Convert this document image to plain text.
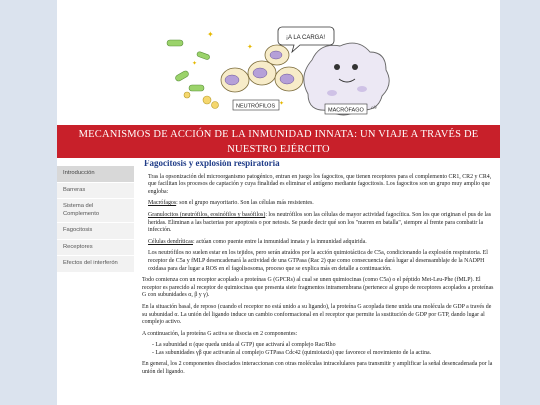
✦
✦
✦
✦
¡A LA CARGA!
NEUTRÓFILOS
MACRÓFAGO cle
MECANISMOS DE ACCIÓN DE LA INMUNIDAD INNATA: UN VIAJE A TRAVÉS DE NUESTRO EJÉRCITO
Introducción
Barreras
Sistema del Complemento
Fagocitosis
Receptores
Efectos del interferón
Fagocitosis y explosión respiratoria

Tras la opsonización del microorganismo patogénico, entran en juego los fagocitos, que tienen receptores para el complemento CR1, CR2 y CR4, que facilitan los procesos de captación y cuya finalidad es eliminar el antígeno mediante fagocitosis. Los fagocitos son un grupo muy amplio que engloba:

Macrófagos: son el grupo mayoritario. Son las células más resistentes.

Granulocitos (neutrófilos, eosinófilos y basófilos): los neutrófilos son las células de mayor actividad fagocítica. Son los que originan el pus de las heridas. Eliminan a las bacterias por apoptosis o por netosis. Se puede decir qué son los "nueren en batalla", siempre al frente para combatir la infección.

Células dendríticas: actúan como puente entre la inmunidad innata y la inmunidad adquirida.

Los neutrófilos no suelen estar en los tejidos, pero serán atraídos por la acción quimiotáctica de C5a, condicionando la explosión respiratoria. El receptor de C5a y fMLP desencadenará la actividad de una GTPasa (Rac 2) que como consecuencia dará lugar al desensamblaje de la NADPH oxidasa para dar lugar a ROS en el fagolisosoma, proceso que se explica más en detalle a continuación.

Todo comienza con un receptor acoplado a proteínas G (GPCRs) al cual se unen quimiocinas (como C5a) o el péptido Met-Leu-Phe (fMLP). El receptor es parecido al receptor de quimiocinas que presenta siete fragmentos intramembrana (pertenece al grupo de receptores acoplados a proteínas G con subunidades α, β y γ).

En la situación basal, de reposo (cuando el receptor no está unido a su ligando), la proteína G acoplada tiene unida una molécula de GDP a través de su subunidad α. La unión del ligando induce un cambio conformacional en el receptor que permite la sustitución de GDP por GTP, dando lugar al complejo activo.

A continuación, la proteína G activa se disocia en 2 componentes:

- La subunidad α (que queda unida al GTP) que activará al complejo Rac/Rho
- Las subunidades γβ que activarán al complejo GTPasa Cdc42 (quimiotaxis) que favorece el movimiento de la actina.

En general, los 2 componentes disociados interaccionan con otras moléculas intracelulares para transmitir y amplificar la señal desencadenada por la unión del ligando.
